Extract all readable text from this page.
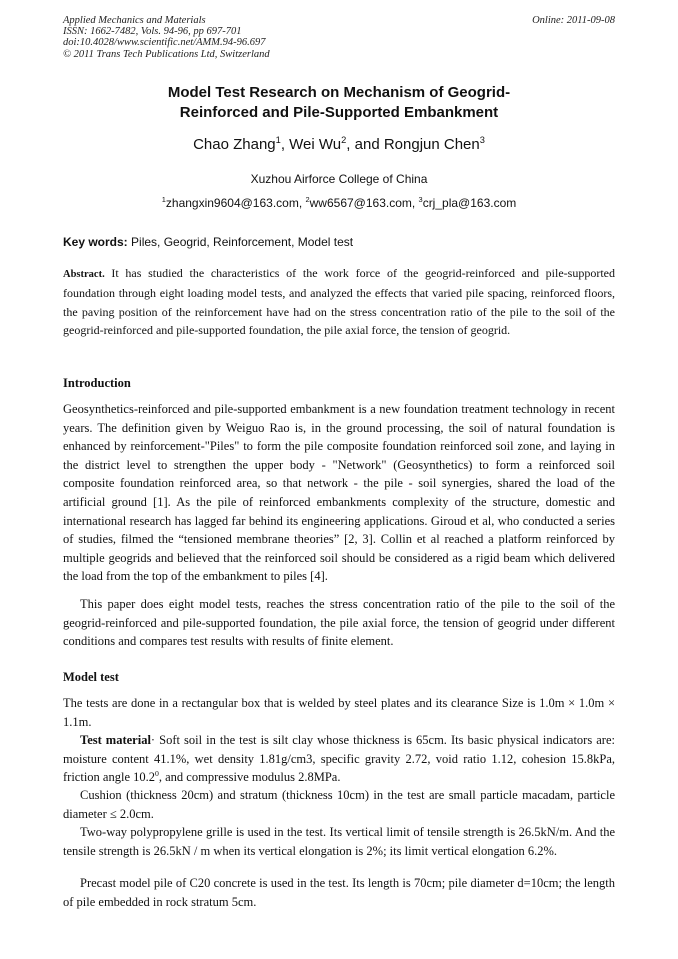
Applied Mechanics and Materials
ISSN: 1662-7482, Vols. 94-96, pp 697-701
doi:10.4028/www.scientific.net/AMM.94-96.697
© 2011 Trans Tech Publications Ltd, Switzerland
Online: 2011-09-08
Model Test Research on Mechanism of Geogrid-
Reinforced and Pile-Supported Embankment
Chao Zhang$^1$, Wei Wu$^2$, and Rongjun Chen$^3$
Xuzhou Airforce College of China
$^1$zhangxin9604@163.com, $^2$ww6567@163.com, $^3$crj_pla@163.com
Key words: Piles, Geogrid, Reinforcement, Model test

Abstract. It has studied the characteristics of the work force of the geogrid-reinforced and pile-supported foundation through eight loading model tests, and analyzed the effects that varied pile spacing, reinforced floors, the paving position of the reinforcement have had on the stress concentration ratio of the pile to the soil of the geogrid-reinforced and pile-supported foundation, the pile axial force, the tension of geogrid.

Introduction

Geosynthetics-reinforced and pile-supported embankment is a new foundation treatment technology in recent years. The definition given by Weiguo Rao is, in the ground processing, the soil of natural foundation is enhanced by reinforcement-"Piles" to form the pile composite foundation reinforced soil zone, and laying in the district level to strengthen the upper body - "Network" (Geosynthetics) to form a reinforced soil composite foundation reinforced area, so that network - the pile - soil synergies, shared the load of the artificial ground [1]. As the pile of reinforced embankments complexity of the structure, domestic and international research has lagged far behind its engineering applications. Giroud et al, who conducted a series of studies, filmed the “tensioned membrane theories” [2, 3]. Collin et al reached a platform reinforced by multiple geogrids and believed that the reinforced soil should be considered as a rigid beam which delivered the load from the top of the embankment to piles [4].

This paper does eight model tests, reaches the stress concentration ratio of the pile to the soil of the geogrid-reinforced and pile-supported foundation, the pile axial force, the tension of geogrid under different conditions and compares test results with results of finite element.

Model test

The tests are done in a rectangular box that is welded by steel plates and its clearance Size is 1.0m × 1.0m × 1.1m.

Test material· Soft soil in the test is silt clay whose thickness is 65cm. Its basic physical indicators are: moisture content 41.1%, wet density 1.81g/cm3, specific gravity 2.72, void ratio 1.12, cohesion 15.8kPa, friction angle 10.2$^0$, and compressive modulus 2.8MPa.

Cushion (thickness 20cm) and stratum (thickness 10cm) in the test are small particle macadam, particle diameter ≤ 2.0cm.

Two-way polypropylene grille is used in the test. Its vertical limit of tensile strength is 26.5kN/m. And the tensile strength is 26.5kN / m when its vertical elongation is 2%; its limit vertical elongation 6.2%.

Precast model pile of C20 concrete is used in the test. Its length is 70cm; pile diameter d=10cm; the length of pile embedded in rock stratum 5cm.
